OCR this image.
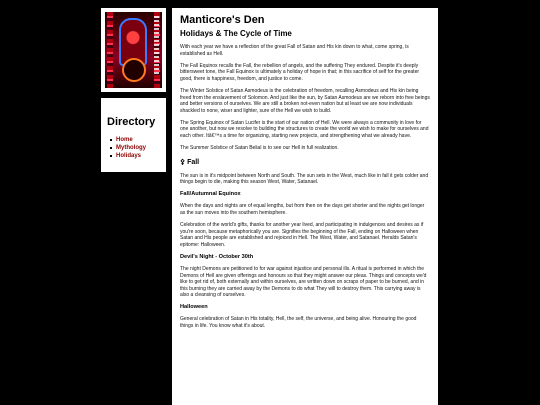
Directory
Home
Mythology
Holidays
Manticore's Den
Holidays & The Cycle of Time

With each year we have a reflection of the great Fall of Satan and His kin down to what, come spring, is established as Hell.

The Fall Equinox recalls the Fall, the rebellion of angels, and the suffering They endured. Despite it's deeply bittersweet tone, the Fall Equinox is ultimately a holiday of hope in that; in this sacrifice of self for the greater good, there is happiness, freedom, and justice to come.

The Winter Solstice of Satan Asmodeus is the celebration of freedom, recalling Asmodeus and His kin being freed from the enslavement of Solomon. And just like the sun, by Satan Asmodeus are we reborn into free beings and better versions of ourselves. We are still a broken not-even nation but at least we are now individuals shackled to none, wiser and lighter, sure of the Hell we wish to build.

The Spring Equinox of Satan Lucifer is the start of our nation of Hell. We were always a community in love for one another, but now we resolve to building the structures to create the world we wish to make for ourselves and each other. Itâ€™s a time for organizing, starting new projects, and strengthening what we already have.

The Summer Solstice of Satan Belial is to see our Hell in full realization.

⚴ Fall

The sun is in it's midpoint between North and South. The sun sets in the West, much like in fall it gets colder and things begin to die, making this season West, Water, Satanael.

Fall/Autumnal Equinox

When the days and nights are of equal lengths, but from then on the days get shorter and the nights get longer as the sun moves into the southern hemisphere.

Celebration of the world's gifts, thanks for another year lived, and participating in indulgences and desires as if you're soon, because metaphorically you are. Signifies the beginning of the Fall, ending on Halloween when Satan and His people are established and rejoiced in Hell. The West, Water, and Satanael. Heralds Satan's epitome: Halloween.

Devil's Night - October 30th

The night Demons are petitioned to for war against injustice and personal ills. A ritual is performed in which the Demons of Hell are given offerings and honours so that they might answer our pleas. Things and concepts we'd like to get rid of, both externally and within ourselves, are written down on scraps of paper to be burned, and in this burning they are carried away by the Demons to do what They will to destroy them. This carrying away is also a cleansing of ourselves.

Halloween

General celebration of Satan in His totality, Hell, the self, the universe, and being alive. Honouring the good things in life. You know what it's about.
